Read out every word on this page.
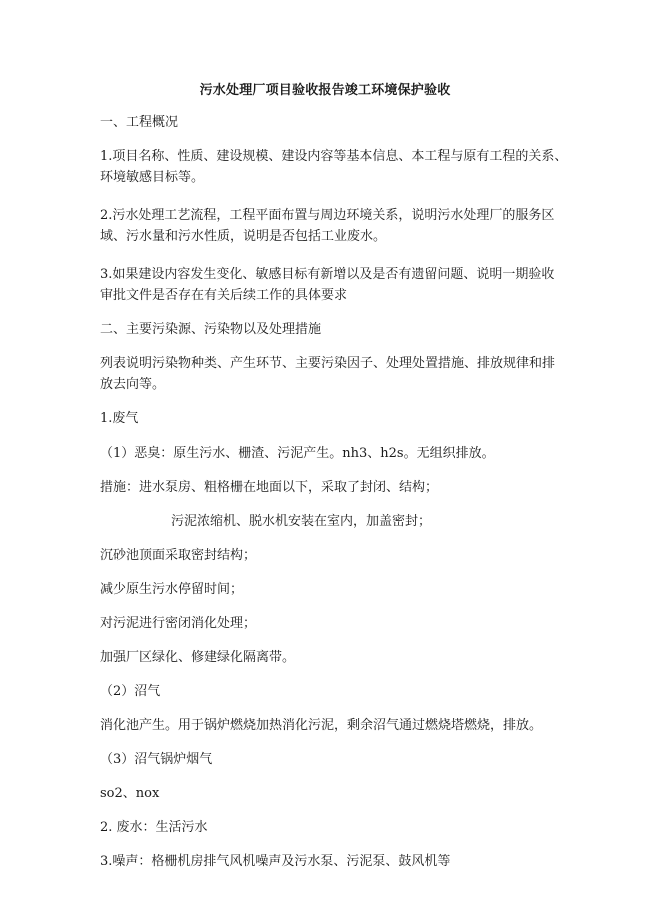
污水处理厂项目验收报告竣工环境保护验收
一、工程概况
1.项目名称、性质、建设规模、建设内容等基本信息、本工程与原有工程的关系、
环境敏感目标等。
2.污水处理工艺流程，工程平面布置与周边环境关系，说明污水处理厂的服务区
域、污水量和污水性质，说明是否包括工业废水。
3.如果建设内容发生变化、敏感目标有新增以及是否有遗留问题、说明一期验收
审批文件是否存在有关后续工作的具体要求
二、主要污染源、污染物以及处理措施
列表说明污染物种类、产生环节、主要污染因子、处理处置措施、排放规律和排
放去向等。
1.废气
（1）恶臭：原生污水、栅渣、污泥产生。nh3、h2s。无组织排放。
措施：进水泵房、粗格栅在地面以下，采取了封闭、结构；
污泥浓缩机、脱水机安装在室内，加盖密封；
沉砂池顶面采取密封结构；
减少原生污水停留时间；
对污泥进行密闭消化处理；
加强厂区绿化、修建绿化隔离带。
（2）沼气
消化池产生。用于锅炉燃烧加热消化污泥，剩余沼气通过燃烧塔燃烧，排放。
（3）沼气锅炉烟气
so2、nox
2. 废水：生活污水
3.噪声：格栅机房排气风机噪声及污水泵、污泥泵、鼓风机等
